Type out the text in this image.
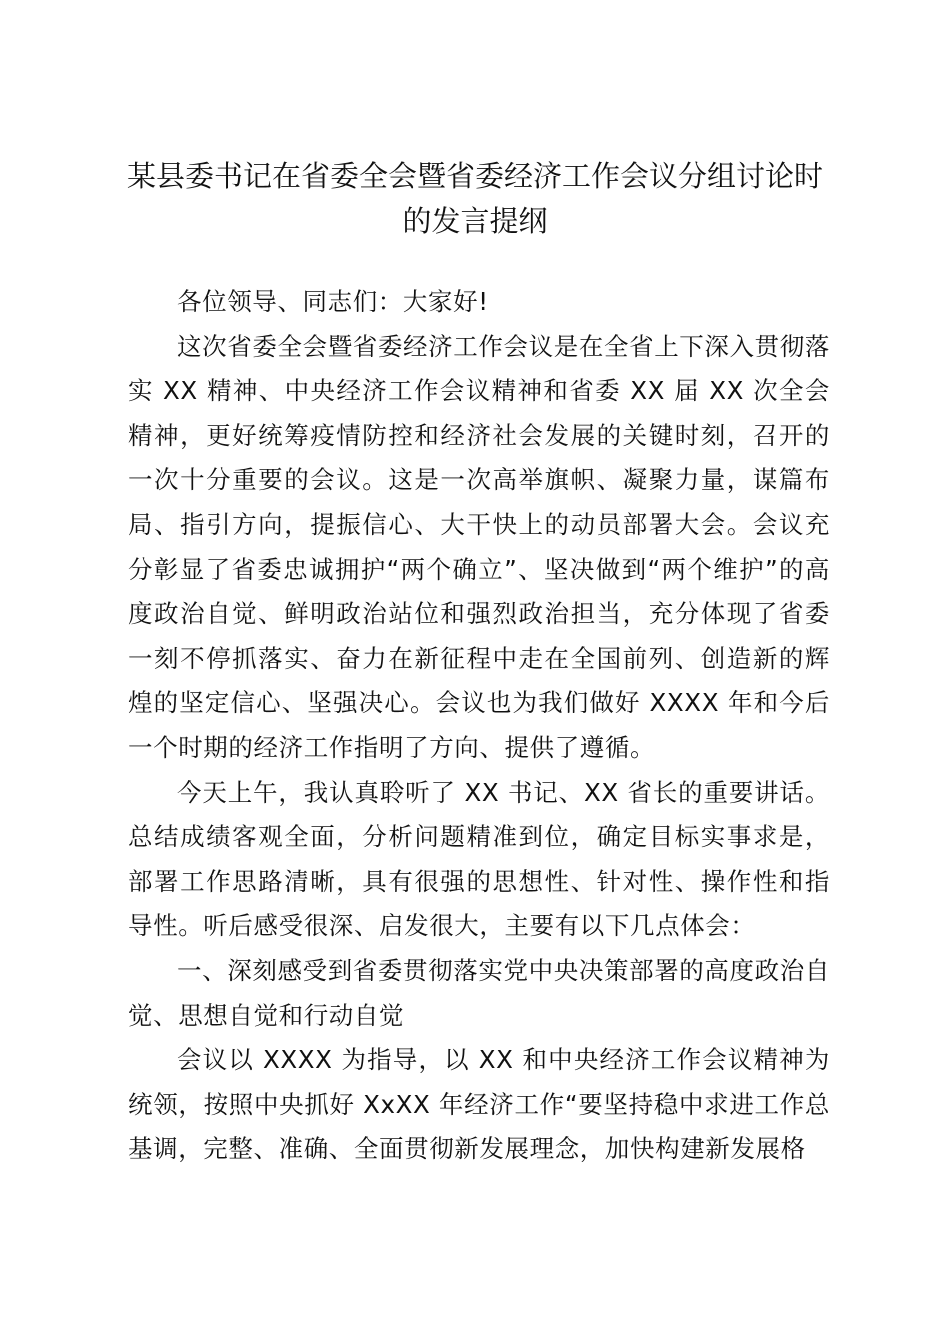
某县委书记在省委全会暨省委经济工作会议分组讨论时的发言提纲

各位领导、同志们：大家好!

这次省委全会暨省委经济工作会议是在全省上下深入贯彻落实 XX 精神、中央经济工作会议精神和省委 XX 届 XX 次全会精神，更好统筹疫情防控和经济社会发展的关键时刻，召开的一次十分重要的会议。这是一次高举旗帜、凝聚力量，谋篇布局、指引方向，提振信心、大干快上的动员部署大会。会议充分彰显了省委忠诚拥护“两个确立”、坚决做到“两个维护”的高度政治自觉、鲜明政治站位和强烈政治担当，充分体现了省委一刻不停抓落实、奋力在新征程中走在全国前列、创造新的辉煌的坚定信心、坚强决心。会议也为我们做好 XXXX 年和今后一个时期的经济工作指明了方向、提供了遵循。

今天上午，我认真聆听了 XX 书记、XX 省长的重要讲话。总结成绩客观全面，分析问题精准到位，确定目标实事求是，部署工作思路清晰，具有很强的思想性、针对性、操作性和指导性。听后感受很深、启发很大，主要有以下几点体会：

一、深刻感受到省委贯彻落实党中央决策部署的高度政治自觉、思想自觉和行动自觉

会议以 XXXX 为指导，以 XX 和中央经济工作会议精神为统领，按照中央抓好 XxXX 年经济工作“要坚持稳中求进工作总基调，完整、准确、全面贯彻新发展理念，加快构建新发展格
